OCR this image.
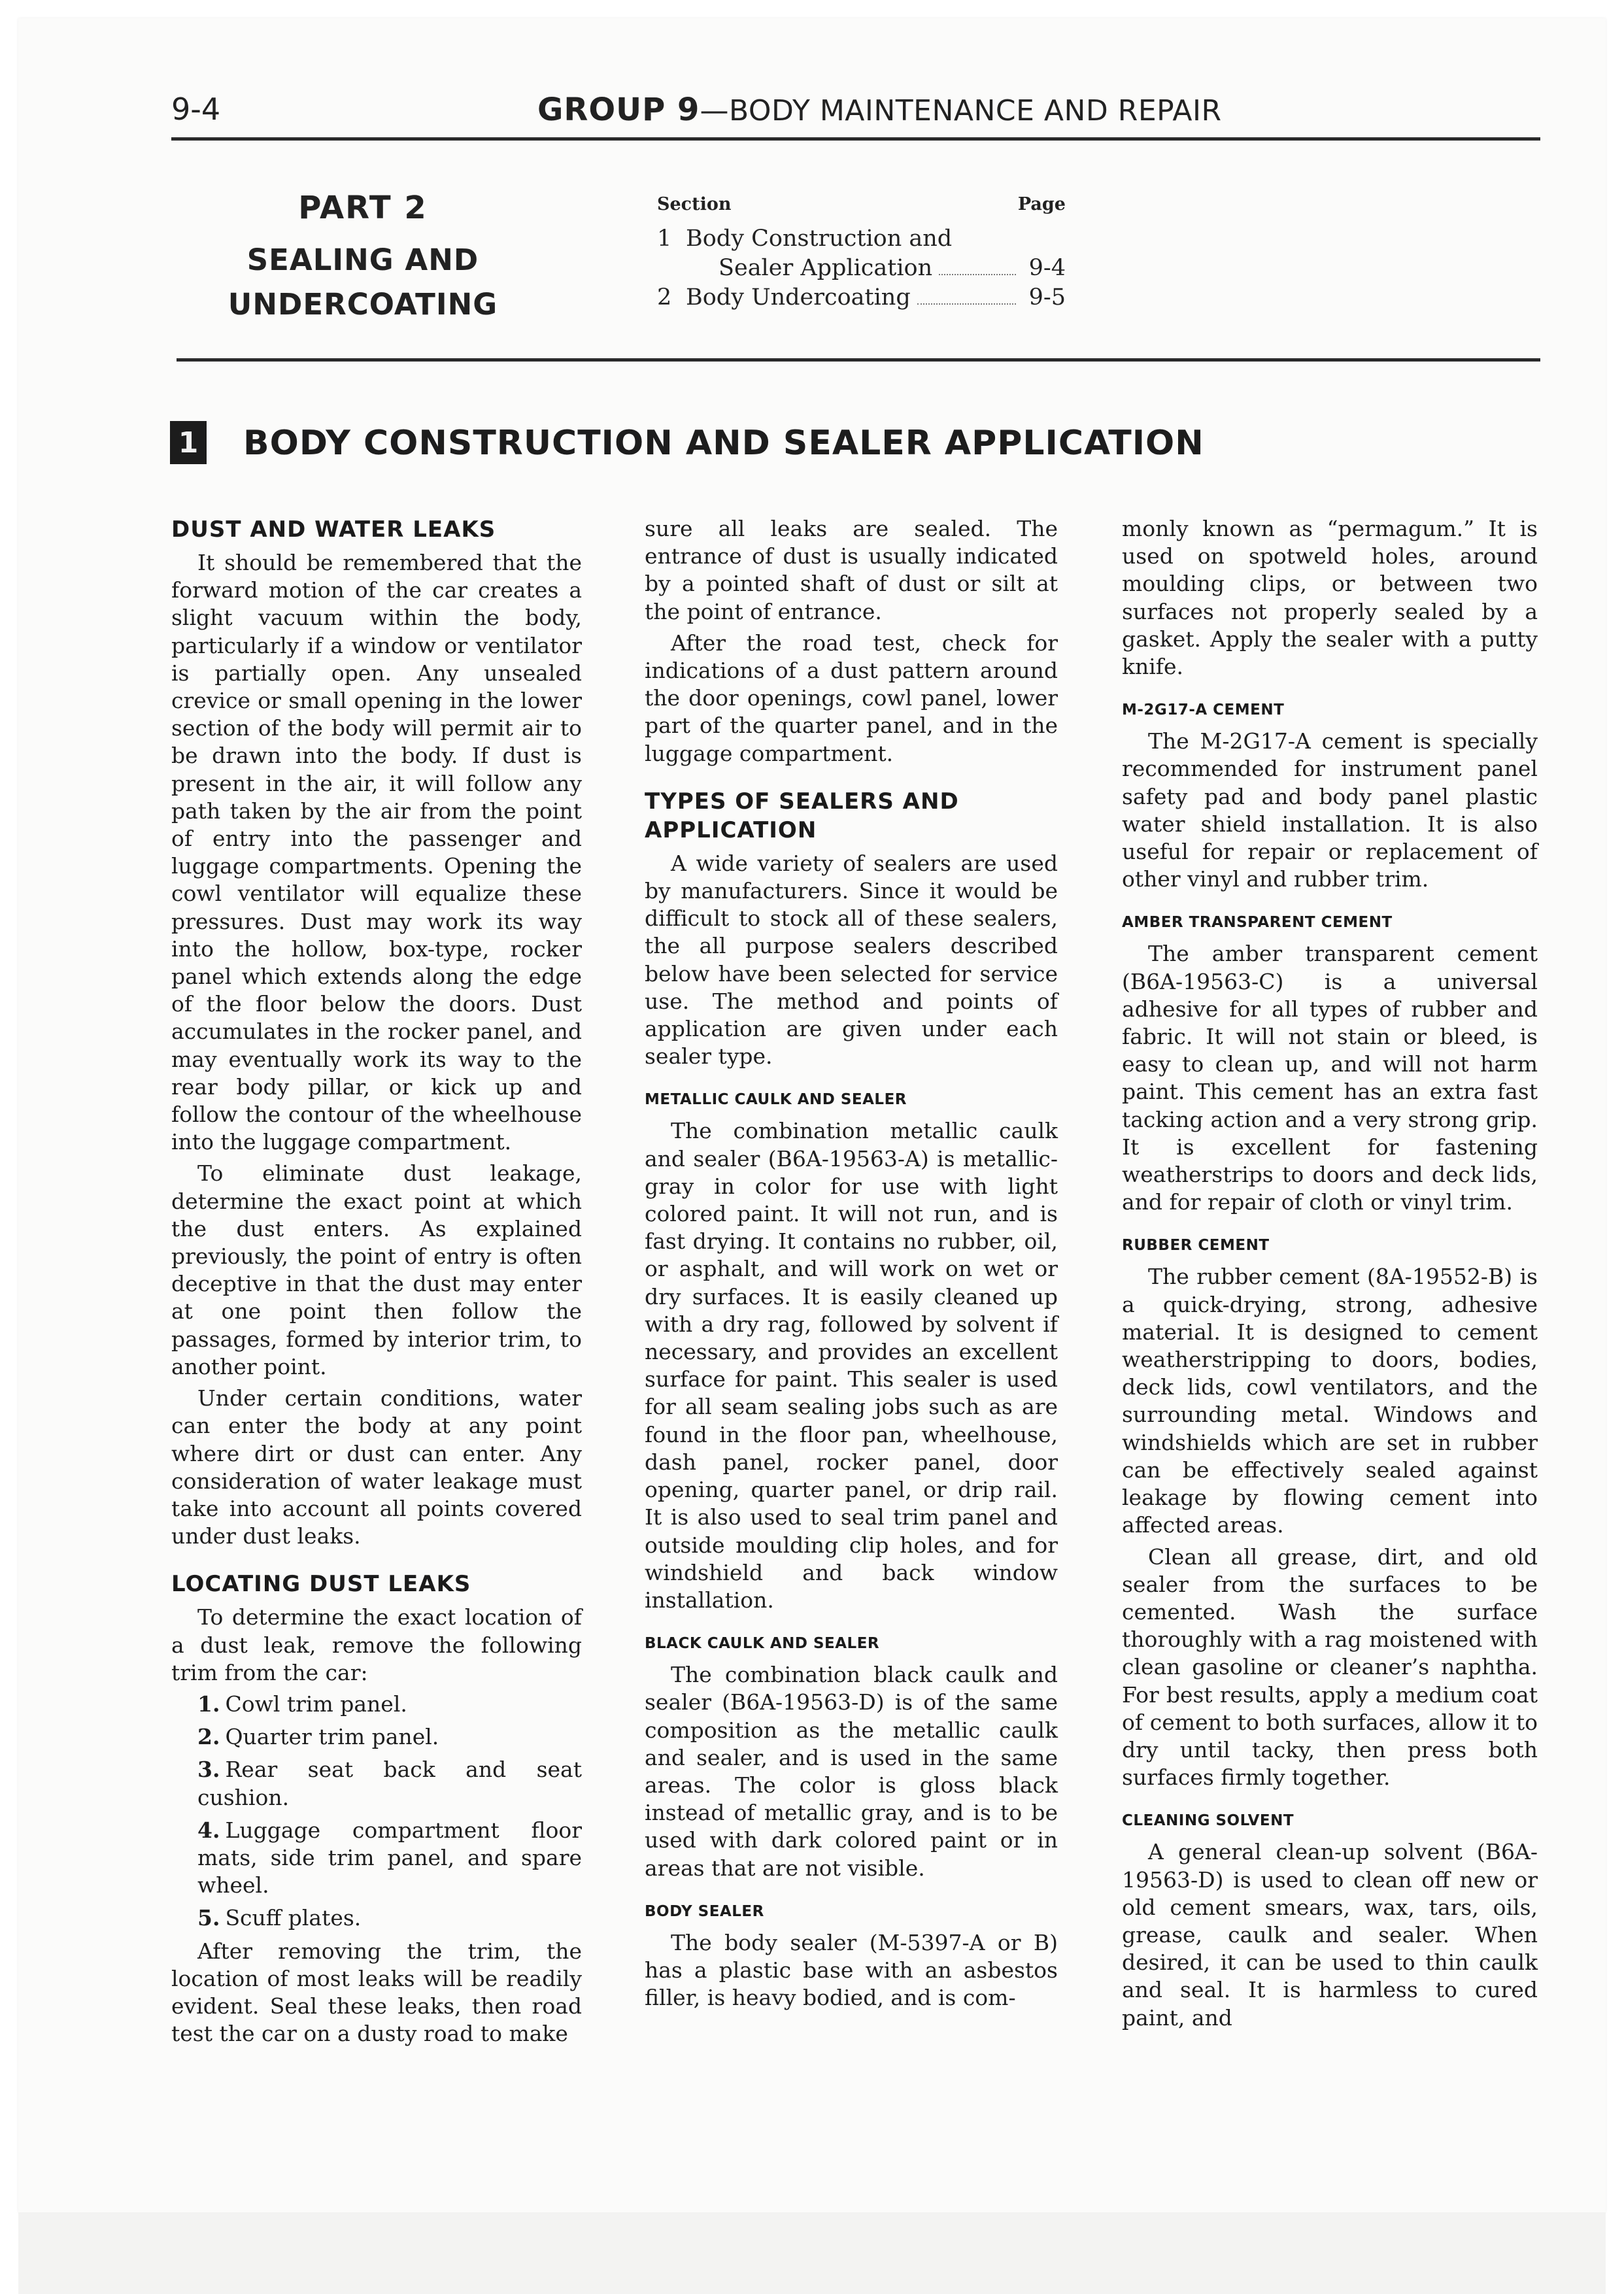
9-4	GROUP 9—BODY MAINTENANCE AND REPAIR
PART 2
SEALING AND
UNDERCOATING
Section	Page
1 Body Construction and
Sealer Application	9-4
2 Body Undercoating	9-5
1 BODY CONSTRUCTION AND SEALER APPLICATION
DUST AND WATER LEAKS

It should be remembered that the forward motion of the car creates a slight vacuum within the body, particularly if a window or ventilator is partially open. Any unsealed crevice or small opening in the lower section of the body will permit air to be drawn into the body. If dust is present in the air, it will follow any path taken by the air from the point of entry into the passenger and luggage compartments. Opening the cowl ventilator will equalize these pressures. Dust may work its way into the hollow, box-type, rocker panel which extends along the edge of the floor below the doors. Dust accumulates in the rocker panel, and may eventually work its way to the rear body pillar, or kick up and follow the contour of the wheelhouse into the luggage compartment.

To eliminate dust leakage, determine the exact point at which the dust enters. As explained previously, the point of entry is often deceptive in that the dust may enter at one point then follow the passages, formed by interior trim, to another point.

Under certain conditions, water can enter the body at any point where dirt or dust can enter. Any consideration of water leakage must take into account all points covered under dust leaks.

LOCATING DUST LEAKS

To determine the exact location of a dust leak, remove the following trim from the car:

1. Cowl trim panel.
2. Quarter trim panel.
3. Rear seat back and seat cushion.
4. Luggage compartment floor mats, side trim panel, and spare wheel.
5. Scuff plates.

After removing the trim, the location of most leaks will be readily evident. Seal these leaks, then road test the car on a dusty road to make

sure all leaks are sealed. The entrance of dust is usually indicated by a pointed shaft of dust or silt at the point of entrance.

After the road test, check for indications of a dust pattern around the door openings, cowl panel, lower part of the quarter panel, and in the luggage compartment.

TYPES OF SEALERS AND APPLICATION

A wide variety of sealers are used by manufacturers. Since it would be difficult to stock all of these sealers, the all purpose sealers described below have been selected for service use. The method and points of application are given under each sealer type.

METALLIC CAULK AND SEALER

The combination metallic caulk and sealer (B6A-19563-A) is metallic-gray in color for use with light colored paint. It will not run, and is fast drying. It contains no rubber, oil, or asphalt, and will work on wet or dry surfaces. It is easily cleaned up with a dry rag, followed by solvent if necessary, and provides an excellent surface for paint. This sealer is used for all seam sealing jobs such as are found in the floor pan, wheelhouse, dash panel, rocker panel, door opening, quarter panel, or drip rail. It is also used to seal trim panel and outside moulding clip holes, and for windshield and back window installation.

BLACK CAULK AND SEALER

The combination black caulk and sealer (B6A-19563-D) is of the same composition as the metallic caulk and sealer, and is used in the same areas. The color is gloss black instead of metallic gray, and is to be used with dark colored paint or in areas that are not visible.

BODY SEALER

The body sealer (M-5397-A or B) has a plastic base with an asbestos filler, is heavy bodied, and is com-

monly known as “permagum.” It is used on spotweld holes, around moulding clips, or between two surfaces not properly sealed by a gasket. Apply the sealer with a putty knife.

M-2G17-A CEMENT

The M-2G17-A cement is specially recommended for instrument panel safety pad and body panel plastic water shield installation. It is also useful for repair or replacement of other vinyl and rubber trim.

AMBER TRANSPARENT CEMENT

The amber transparent cement (B6A-19563-C) is a universal adhesive for all types of rubber and fabric. It will not stain or bleed, is easy to clean up, and will not harm paint. This cement has an extra fast tacking action and a very strong grip. It is excellent for fastening weatherstrips to doors and deck lids, and for repair of cloth or vinyl trim.

RUBBER CEMENT

The rubber cement (8A-19552-B) is a quick-drying, strong, adhesive material. It is designed to cement weatherstripping to doors, bodies, deck lids, cowl ventilators, and the surrounding metal. Windows and windshields which are set in rubber can be effectively sealed against leakage by flowing cement into affected areas.

Clean all grease, dirt, and old sealer from the surfaces to be cemented. Wash the surface thoroughly with a rag moistened with clean gasoline or cleaner’s naphtha. For best results, apply a medium coat of cement to both surfaces, allow it to dry until tacky, then press both surfaces firmly together.

CLEANING SOLVENT

A general clean-up solvent (B6A-19563-D) is used to clean off new or old cement smears, wax, tars, oils, grease, caulk and sealer. When desired, it can be used to thin caulk and seal. It is harmless to cured paint, and
